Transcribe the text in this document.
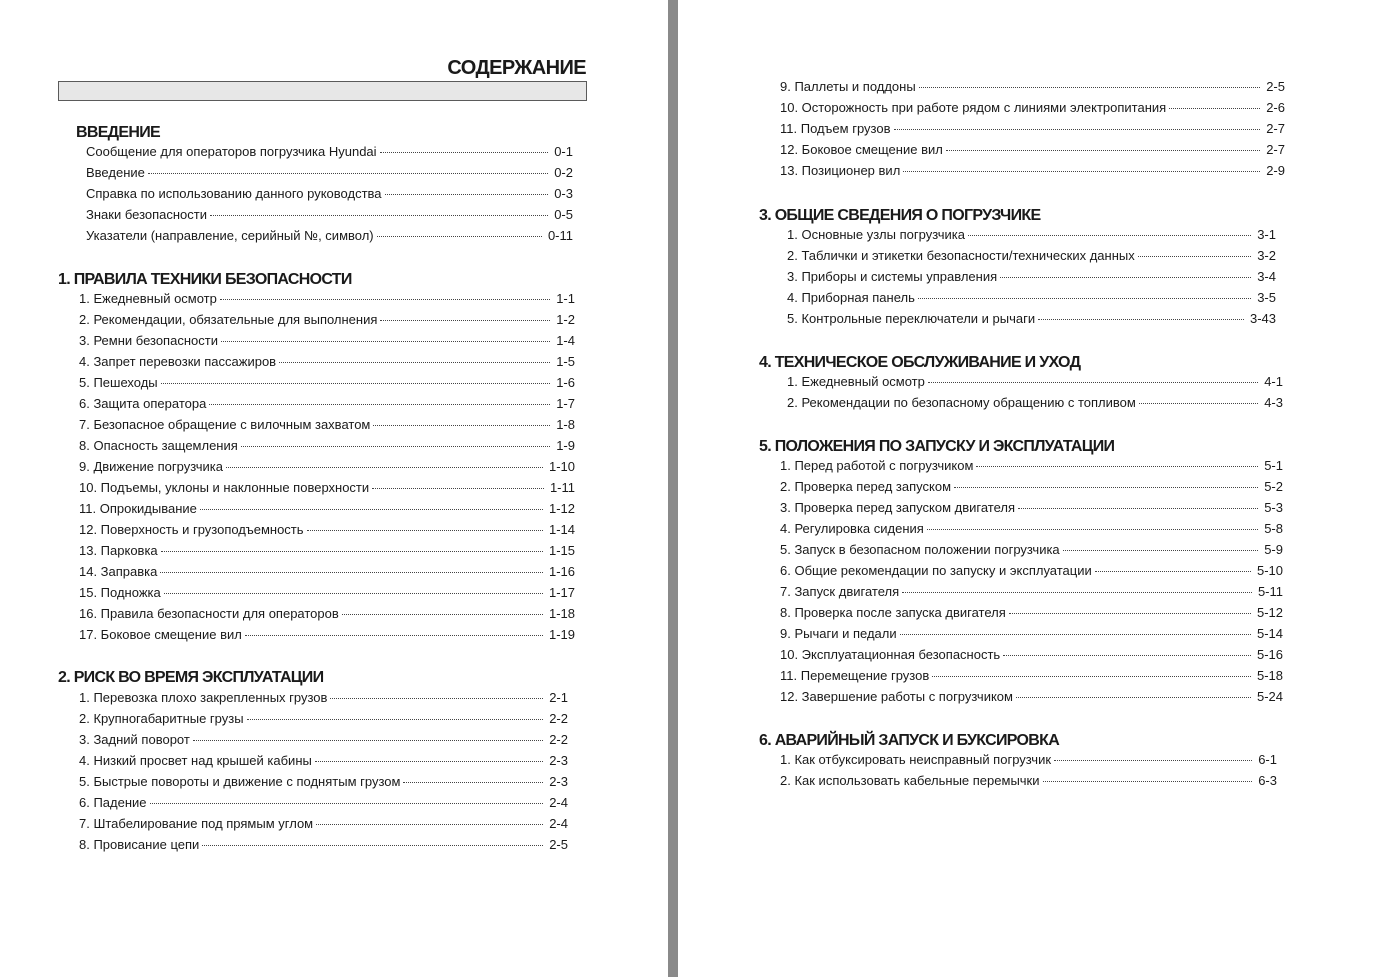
СОДЕРЖАНИЕ
ВВЕДЕНИЕ
Сообщение для операторов погрузчика Hyundai	0-1
Введение	0-2
Справка по использованию данного руководства	0-3
Знаки безопасности	0-5
Указатели (направление, серийный №, символ)	0-11
1. ПРАВИЛА ТЕХНИКИ БЕЗОПАСНОСТИ
1. Ежедневный осмотр	1-1
2. Рекомендации, обязательные для выполнения	1-2
3. Ремни безопасности	1-4
4. Запрет перевозки пассажиров	1-5
5. Пешеходы	1-6
6. Защита оператора	1-7
7. Безопасное обращение с вилочным захватом	1-8
8. Опасность защемления	1-9
9. Движение погрузчика	1-10
10. Подъемы, уклоны и наклонные поверхности	1-11
11. Опрокидывание	1-12
12. Поверхность и грузоподъемность	1-14
13. Парковка	1-15
14. Заправка	1-16
15. Подножка	1-17
16. Правила безопасности для операторов	1-18
17. Боковое смещение вил	1-19
2. РИСК ВО ВРЕМЯ ЭКСПЛУАТАЦИИ
1. Перевозка плохо закрепленных грузов	2-1
2. Крупногабаритные грузы	2-2
3. Задний поворот	2-2
4. Низкий просвет над крышей кабины	2-3
5. Быстрые повороты и движение с поднятым грузом	2-3
6. Падение	2-4
7. Штабелирование под прямым углом	2-4
8. Провисание цепи	2-5
9. Паллеты и поддоны	2-5
10. Осторожность при работе рядом с линиями электропитания	2-6
11. Подъем грузов	2-7
12. Боковое смещение вил	2-7
13. Позиционер вил	2-9
3. ОБЩИЕ СВЕДЕНИЯ О ПОГРУЗЧИКЕ
1. Основные узлы погрузчика	3-1
2. Таблички и этикетки безопасности/технических данных	3-2
3. Приборы и системы управления	3-4
4. Приборная панель	3-5
5. Контрольные переключатели и рычаги	3-43
4. ТЕХНИЧЕСКОЕ ОБСЛУЖИВАНИЕ И УХОД
1. Ежедневный осмотр	4-1
2. Рекомендации по безопасному обращению с топливом	4-3
5. ПОЛОЖЕНИЯ ПО ЗАПУСКУ И ЭКСПЛУАТАЦИИ
1. Перед работой с погрузчиком	5-1
2. Проверка перед запуском	5-2
3. Проверка перед запуском двигателя	5-3
4. Регулировка сидения	5-8
5. Запуск в безопасном положении погрузчика	5-9
6. Общие рекомендации по запуску и эксплуатации	5-10
7. Запуск двигателя	5-11
8. Проверка после запуска двигателя	5-12
9. Рычаги и педали	5-14
10. Эксплуатационная безопасность	5-16
11. Перемещение грузов	5-18
12. Завершение работы с погрузчиком	5-24
6. АВАРИЙНЫЙ ЗАПУСК И БУКСИРОВКА
1. Как отбуксировать неисправный погрузчик	6-1
2. Как использовать кабельные перемычки	6-3
